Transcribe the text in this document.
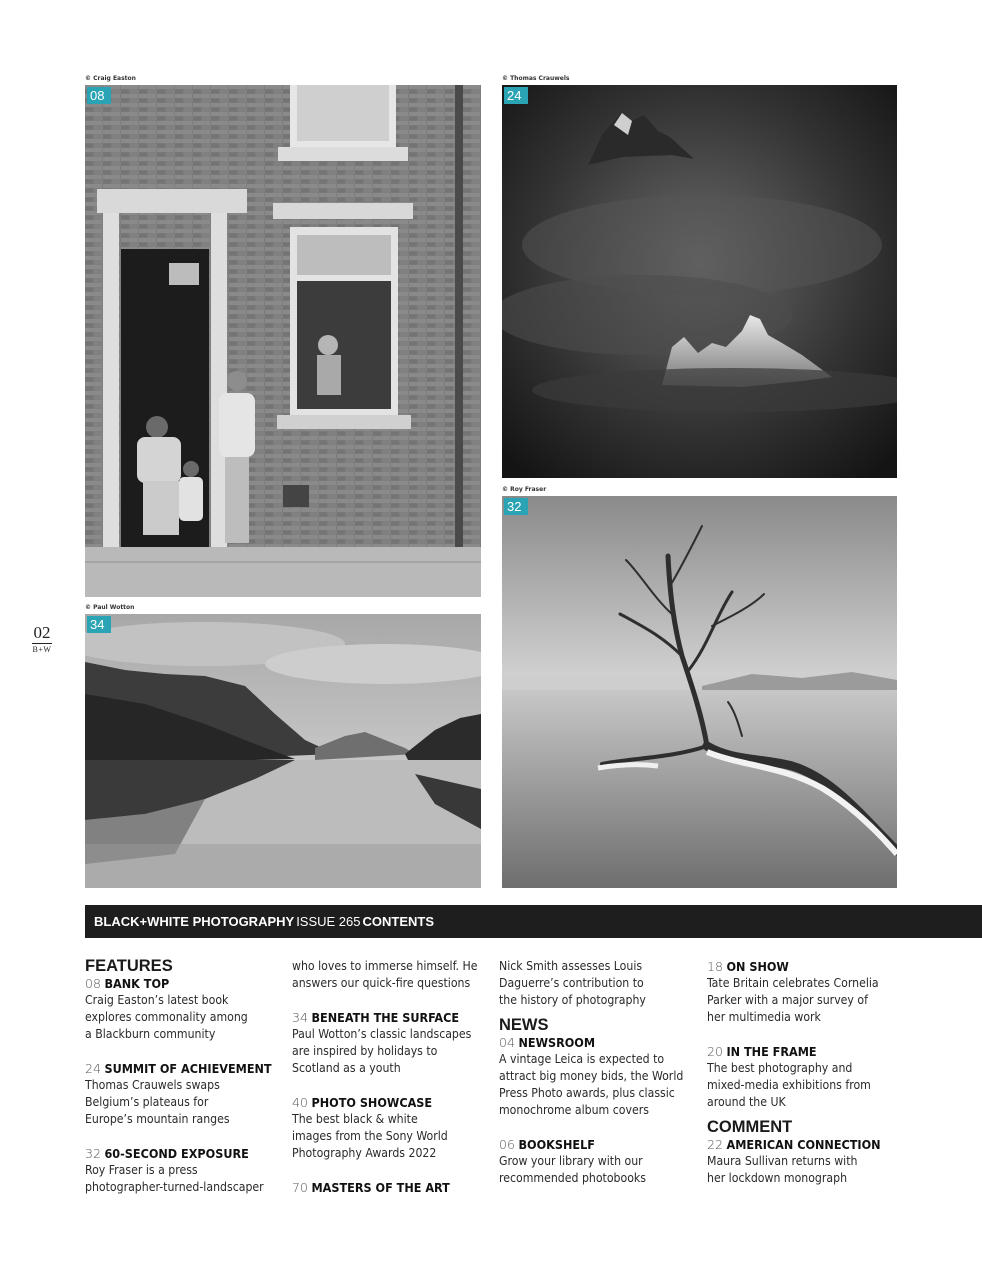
© Craig Easton	© Thomas Crauwels
© Roy Fraser
© Paul Wotton
08	24
32
34
02
B+W
BLACK+WHITE PHOTOGRAPHY ISSUE 265 CONTENTS
FEATURES

08 BANK TOP

Craig Easton’s latest book

explores commonality among

a Blackburn community

24 SUMMIT OF ACHIEVEMENT

Thomas Crauwels swaps

Belgium’s plateaus for

Europe’s mountain ranges

32 60-SECOND EXPOSURE

Roy Fraser is a press

photographer-turned-landscaper

who loves to immerse himself. He

answers our quick-fire questions

34 BENEATH THE SURFACE

Paul Wotton’s classic landscapes

are inspired by holidays to

Scotland as a youth

40 PHOTO SHOWCASE

The best black & white

images from the Sony World

Photography Awards 2022

70 MASTERS OF THE ART

Nick Smith assesses Louis

Daguerre’s contribution to

the history of photography

NEWS

04 NEWSROOM

A vintage Leica is expected to

attract big money bids, the World

Press Photo awards, plus classic

monochrome album covers

06 BOOKSHELF

Grow your library with our

recommended photobooks

18 ON SHOW

Tate Britain celebrates Cornelia

Parker with a major survey of

her multimedia work

20 IN THE FRAME

The best photography and

mixed-media exhibitions from

around the UK

COMMENT

22 AMERICAN CONNECTION

Maura Sullivan returns with

her lockdown monograph
